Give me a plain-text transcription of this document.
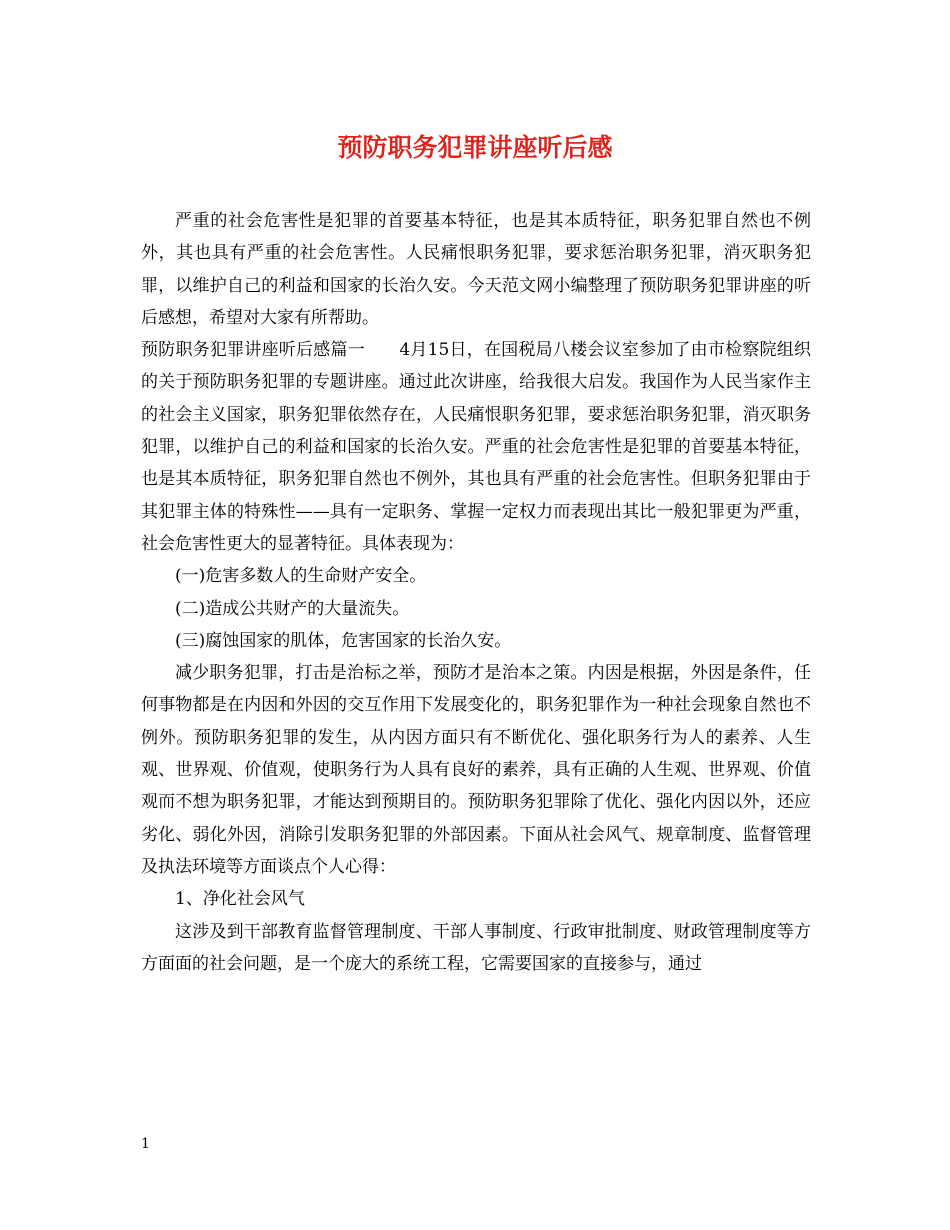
预防职务犯罪讲座听后感

严重的社会危害性是犯罪的首要基本特征，也是其本质特征，职务犯罪自然也不例外，其也具有严重的社会危害性。人民痛恨职务犯罪，要求惩治职务犯罪，消灭职务犯罪，以维护自己的利益和国家的长治久安。今天范文网小编整理了预防职务犯罪讲座的听后感想，希望对大家有所帮助。

预防职务犯罪讲座听后感篇一　　4月15日，在国税局八楼会议室参加了由市检察院组织的关于预防职务犯罪的专题讲座。通过此次讲座，给我很大启发。我国作为人民当家作主的社会主义国家，职务犯罪依然存在，人民痛恨职务犯罪，要求惩治职务犯罪，消灭职务犯罪，以维护自己的利益和国家的长治久安。严重的社会危害性是犯罪的首要基本特征，也是其本质特征，职务犯罪自然也不例外，其也具有严重的社会危害性。但职务犯罪由于其犯罪主体的特殊性——具有一定职务、掌握一定权力而表现出其比一般犯罪更为严重，社会危害性更大的显著特征。具体表现为：

(一)危害多数人的生命财产安全。

(二)造成公共财产的大量流失。

(三)腐蚀国家的肌体，危害国家的长治久安。

减少职务犯罪，打击是治标之举，预防才是治本之策。内因是根据，外因是条件，任何事物都是在内因和外因的交互作用下发展变化的，职务犯罪作为一种社会现象自然也不例外。预防职务犯罪的发生，从内因方面只有不断优化、强化职务行为人的素养、人生观、世界观、价值观，使职务行为人具有良好的素养，具有正确的人生观、世界观、价值观而不想为职务犯罪，才能达到预期目的。预防职务犯罪除了优化、强化内因以外，还应劣化、弱化外因，消除引发职务犯罪的外部因素。下面从社会风气、规章制度、监督管理及执法环境等方面谈点个人心得：

1、净化社会风气

这涉及到干部教育监督管理制度、干部人事制度、行政审批制度、财政管理制度等方方面面的社会问题，是一个庞大的系统工程，它需要国家的直接参与，通过

1
